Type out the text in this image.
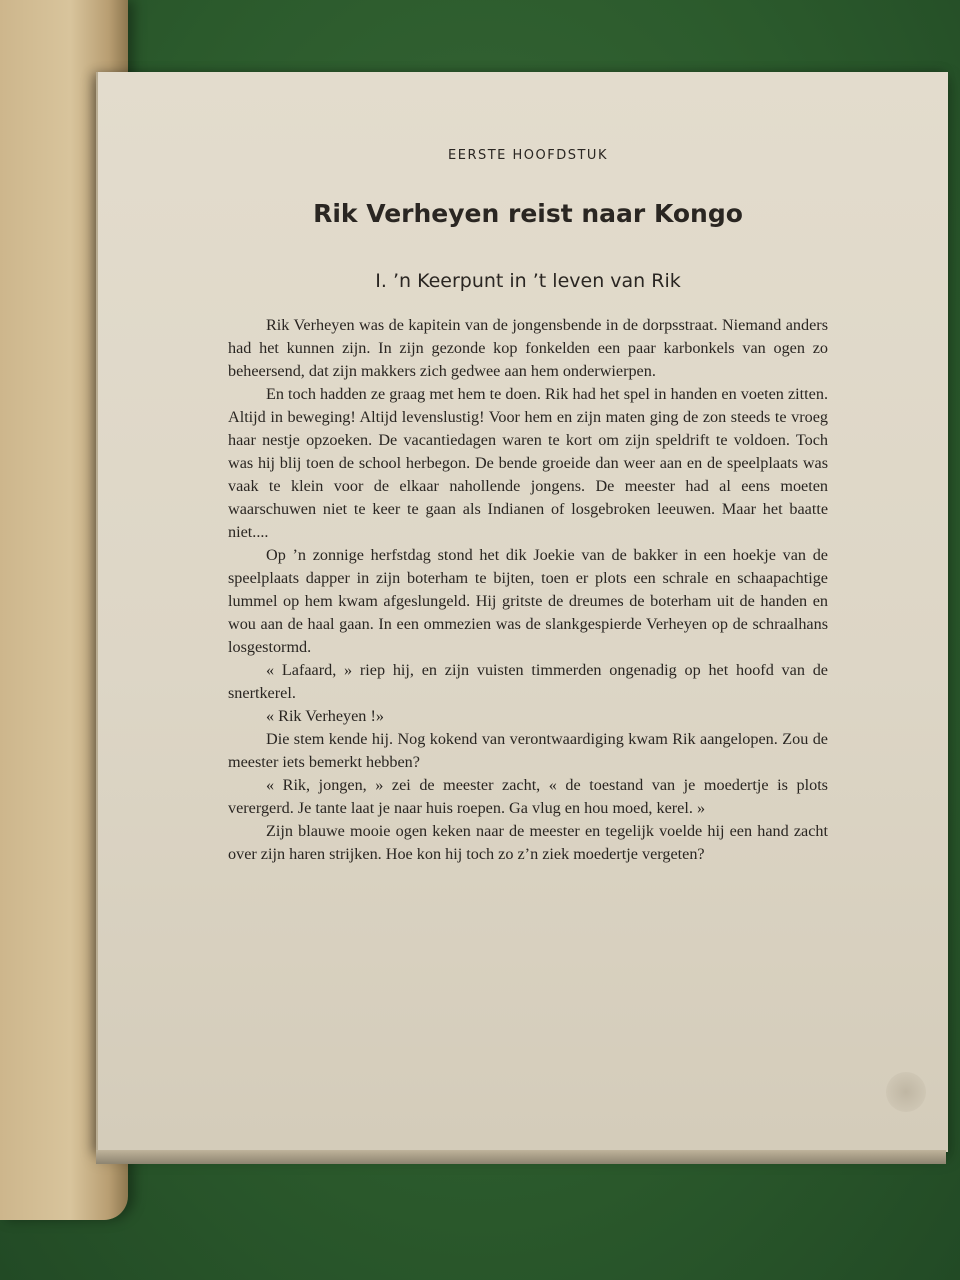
EERSTE HOOFDSTUK
Rik Verheyen reist naar Kongo
I. ’n Keerpunt in ’t leven van Rik

Rik Verheyen was de kapitein van de jongensbende in de dorpsstraat. Niemand anders had het kunnen zijn. In zijn gezonde kop fonkelden een paar karbonkels van ogen zo beheersend, dat zijn makkers zich gedwee aan hem onderwierpen.

En toch hadden ze graag met hem te doen. Rik had het spel in handen en voeten zitten. Altijd in beweging! Altijd levenslustig! Voor hem en zijn maten ging de zon steeds te vroeg haar nestje opzoeken. De vacantiedagen waren te kort om zijn speldrift te voldoen. Toch was hij blij toen de school herbegon. De bende groeide dan weer aan en de speelplaats was vaak te klein voor de elkaar nahollende jongens. De meester had al eens moeten waarschuwen niet te keer te gaan als Indianen of losgebroken leeuwen. Maar het baatte niet....

Op ’n zonnige herfstdag stond het dik Joekie van de bakker in een hoekje van de speelplaats dapper in zijn boterham te bijten, toen er plots een schrale en schaapachtige lummel op hem kwam afgeslungeld. Hij gritste de dreumes de boterham uit de handen en wou aan de haal gaan. In een ommezien was de slankgespierde Verheyen op de schraalhans losgestormd.

« Lafaard, » riep hij, en zijn vuisten timmerden ongenadig op het hoofd van de snertkerel.

« Rik Verheyen !»

Die stem kende hij. Nog kokend van verontwaardiging kwam Rik aangelopen. Zou de meester iets bemerkt hebben?

« Rik, jongen, » zei de meester zacht, « de toestand van je moedertje is plots verergerd. Je tante laat je naar huis roepen. Ga vlug en hou moed, kerel. »

Zijn blauwe mooie ogen keken naar de meester en tegelijk voelde hij een hand zacht over zijn haren strijken. Hoe kon hij toch zo z’n ziek moedertje vergeten?
